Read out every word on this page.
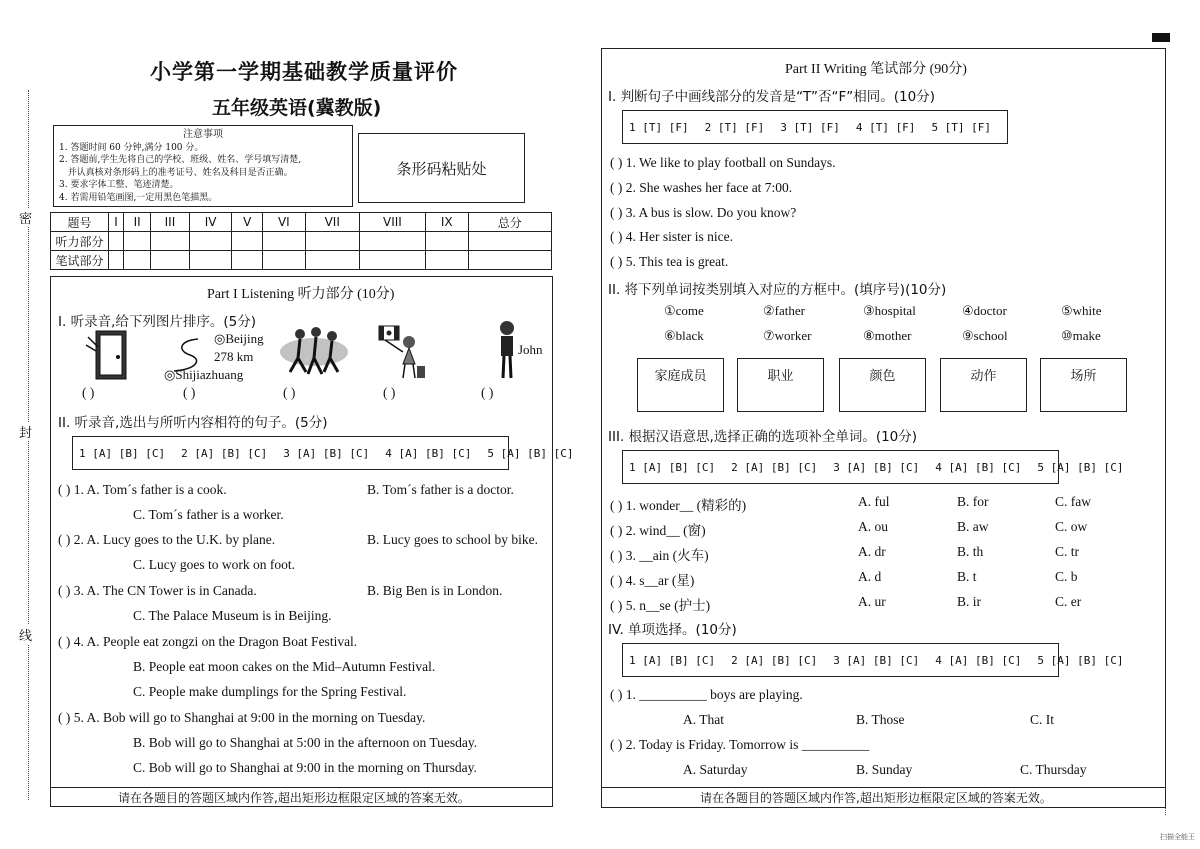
密
封
线
小学第一学期基础教学质量评价
五年级英语(冀教版)
注意事项
1. 答题时间 60 分钟,满分 100 分。
2. 答题前,学生先将自己的学校、班级、姓名、学号填写清楚,
并认真核对条形码上的准考证号、姓名及科目是否正确。
3. 要求字体工整、笔迹清楚。
4. 若需用铅笔画图,一定用黑色笔描黑。
条形码粘贴处
题号	I	II	III	IV	V	VI	VII	VIII	IX	总分
听力部分										
笔试部分										
请在各题目的答题区域内作答,超出矩形边框限定区域的答案无效。
Part I Listening 听力部分 (10分)
I. 听录音,给下列图片排序。(5分)
◎Beijing
278 km
◎Shijiazhuang
John
( )	( )	( )	( )	( )
II. 听录音,选出与所听内容相符的句子。(5分)
1 [A] [B] [C] 2 [A] [B] [C] 3 [A] [B] [C] 4 [A] [B] [C] 5 [A] [B] [C]
( ) 1. A. Tom´s father is a cook.	B. Tom´s father is a doctor.
C. Tom´s father is a worker.
( ) 2. A. Lucy goes to the U.K. by plane.	B. Lucy goes to school by bike.
C. Lucy goes to work on foot.
( ) 3. A. The CN Tower is in Canada.	B. Big Ben is in London.
C. The Palace Museum is in Beijing.
( ) 4. A. People eat zongzi on the Dragon Boat Festival.
B. People eat moon cakes on the Mid–Autumn Festival.
C. People make dumplings for the Spring Festival.
( ) 5. A. Bob will go to Shanghai at 9:00 in the morning on Tuesday.
B. Bob will go to Shanghai at 5:00 in the afternoon on Tuesday.
C. Bob will go to Shanghai at 9:00 in the morning on Thursday.
请在各题目的答题区域内作答,超出矩形边框限定区域的答案无效。
Part II Writing 笔试部分 (90分)
I. 判断句子中画线部分的发音是“T”否“F”相同。(10分)
1 [T] [F] 2 [T] [F] 3 [T] [F] 4 [T] [F] 5 [T] [F]
( ) 1. We like to play football on Sundays.
( ) 2. She washes her face at 7:00.
( ) 3. A bus is slow. Do you know?
( ) 4. Her sister is nice.
( ) 5. This tea is great.
II. 将下列单词按类别填入对应的方框中。(填序号)(10分)
①come	②father	③hospital	④doctor	⑤white
⑥black	⑦worker	⑧mother	⑨school	⑩make
家庭成员	职业	颜色	动作	场所
III. 根据汉语意思,选择正确的选项补全单词。(10分)
1 [A] [B] [C] 2 [A] [B] [C] 3 [A] [B] [C] 4 [A] [B] [C] 5 [A] [B] [C]
( ) 1. wonder__ (精彩的)	A. ful	B. for	C. faw
( ) 2. wind__ (窗)	A. ou	B. aw	C. ow
( ) 3. __ain (火车)	A. dr	B. th	C. tr
( ) 4. s__ar (星)	A. d	B. t	C. b
( ) 5. n__se (护士)	A. ur	B. ir	C. er
IV. 单项选择。(10分)
1 [A] [B] [C] 2 [A] [B] [C] 3 [A] [B] [C] 4 [A] [B] [C] 5 [A] [B] [C]
( ) 1. __________ boys are playing.
A. That	B. Those	C. It
( ) 2. Today is Friday. Tomorrow is __________
A. Saturday	B. Sunday	C. Thursday
扫描全能王
